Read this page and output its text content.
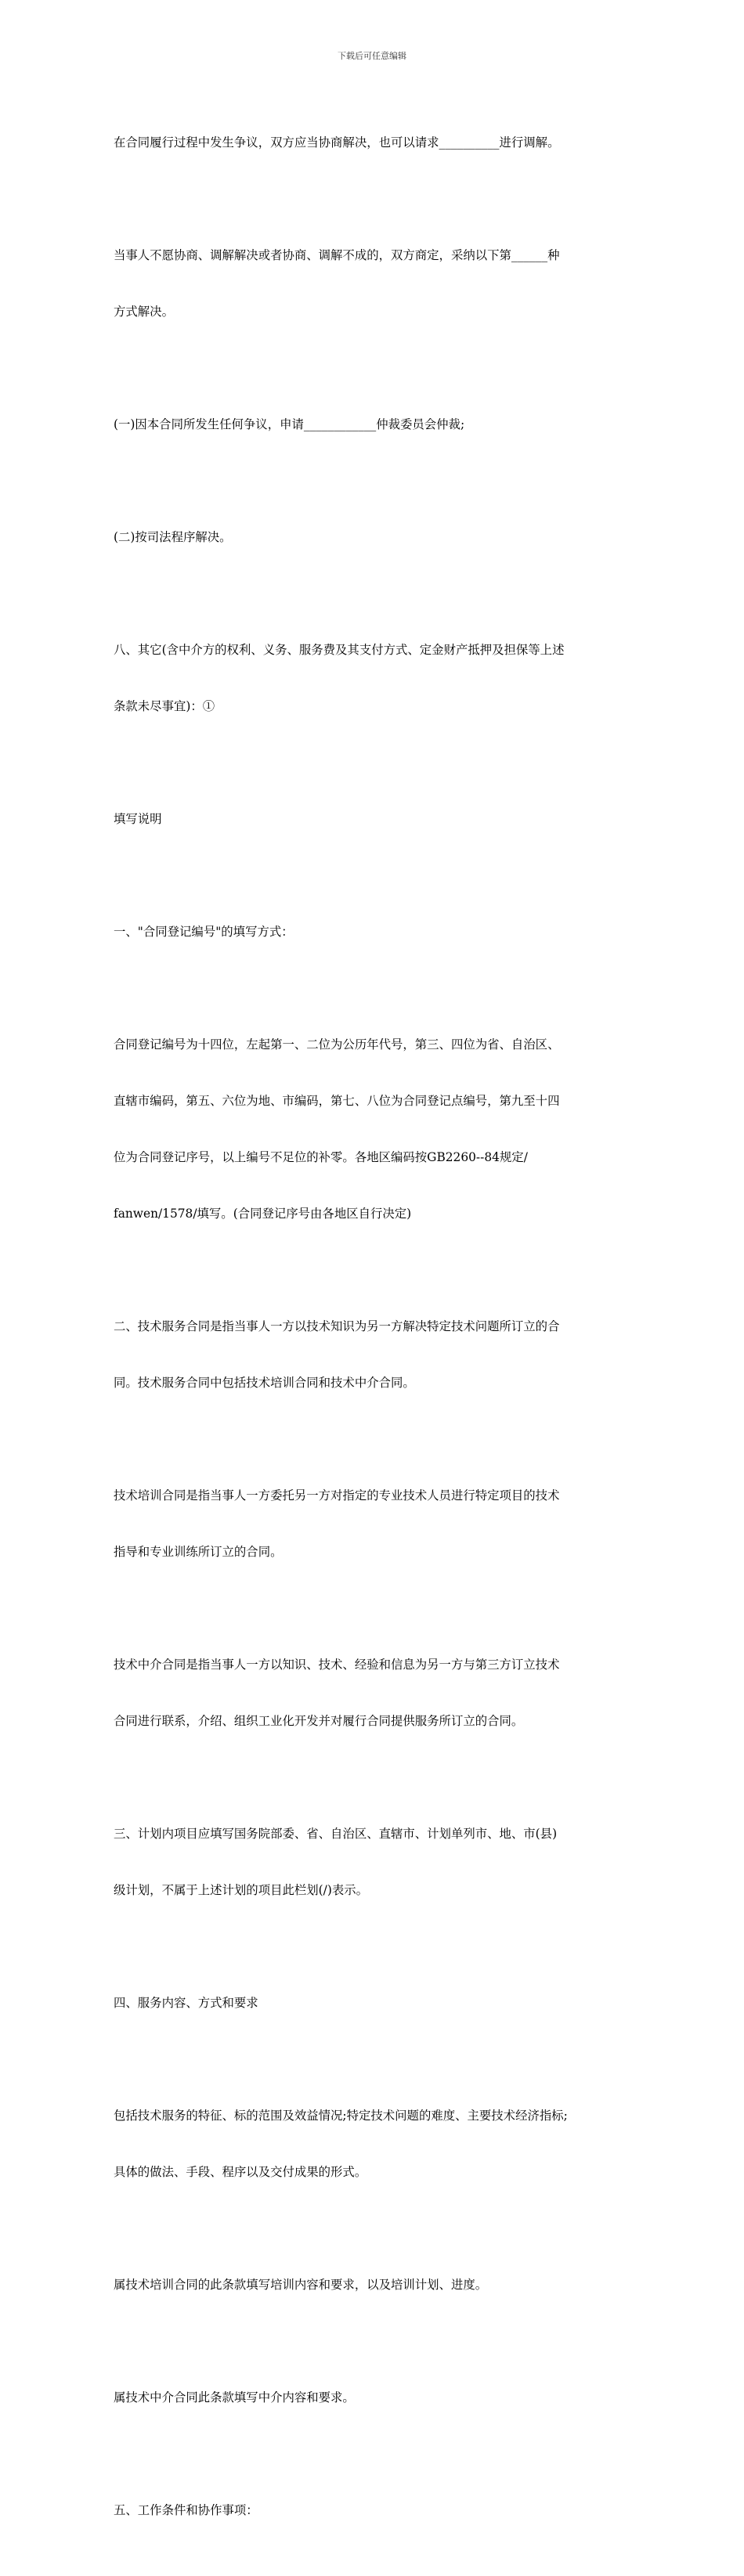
下载后可任意编辑

在合同履行过程中发生争议，双方应当协商解决，也可以请求__________进行调解。

当事人不愿协商、调解解决或者协商、调解不成的，双方商定，采纳以下第______种

方式解决。

(一)因本合同所发生任何争议，申请____________仲裁委员会仲裁;

(二)按司法程序解决。

八、其它(含中介方的权利、义务、服务费及其支付方式、定金财产抵押及担保等上述

条款未尽事宜)：①

填写说明

一、"合同登记编号"的填写方式：

合同登记编号为十四位，左起第一、二位为公历年代号，第三、四位为省、自治区、

直辖市编码，第五、六位为地、市编码，第七、八位为合同登记点编号，第九至十四

位为合同登记序号，以上编号不足位的补零。各地区编码按GB2260--84规定/

fanwen/1578/填写。(合同登记序号由各地区自行决定)

二、技术服务合同是指当事人一方以技术知识为另一方解决特定技术问题所订立的合

同。技术服务合同中包括技术培训合同和技术中介合同。

技术培训合同是指当事人一方委托另一方对指定的专业技术人员进行特定项目的技术

指导和专业训练所订立的合同。

技术中介合同是指当事人一方以知识、技术、经验和信息为另一方与第三方订立技术

合同进行联系，介绍、组织工业化开发并对履行合同提供服务所订立的合同。

三、计划内项目应填写国务院部委、省、自治区、直辖市、计划单列市、地、市(县)

级计划，不属于上述计划的项目此栏划(/)表示。

四、服务内容、方式和要求

包括技术服务的特征、标的范围及效益情况;特定技术问题的难度、主要技术经济指标;

具体的做法、手段、程序以及交付成果的形式。

属技术培训合同的此条款填写培训内容和要求，以及培训计划、进度。

属技术中介合同此条款填写中介内容和要求。

五、工作条件和协作事项：
